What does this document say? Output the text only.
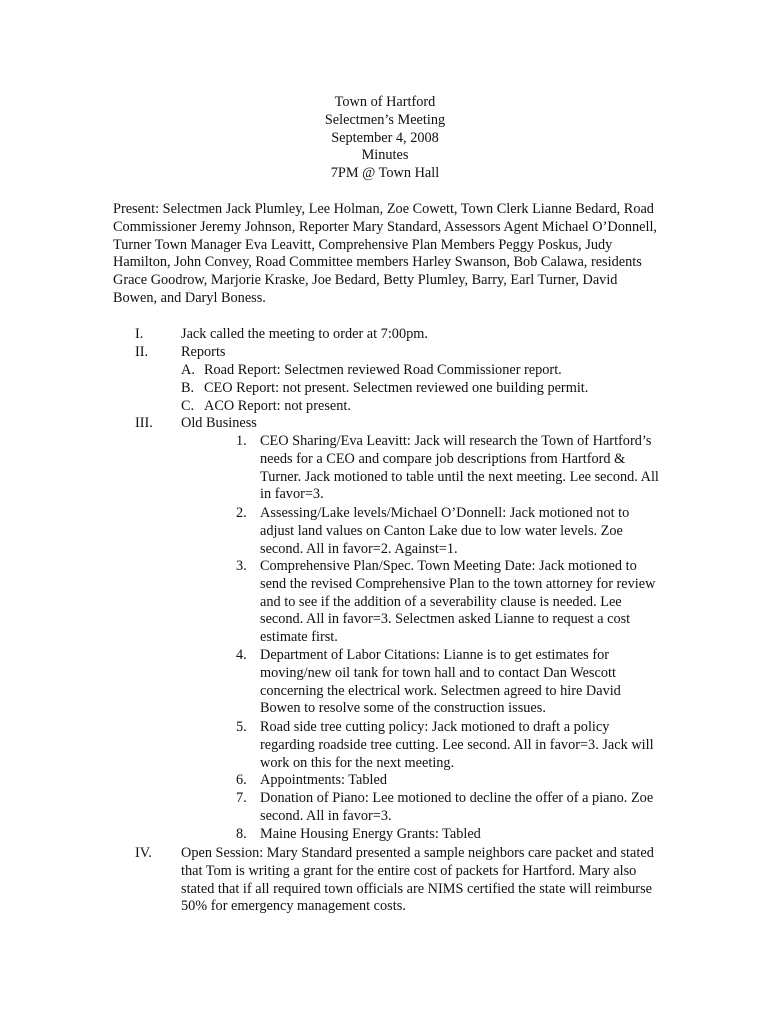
Town of Hartford
Selectmen’s Meeting
September 4, 2008
Minutes
7PM @ Town Hall
Present: Selectmen Jack Plumley, Lee Holman, Zoe Cowett, Town Clerk Lianne Bedard, Road Commissioner Jeremy Johnson, Reporter Mary Standard, Assessors Agent Michael O’Donnell, Turner Town Manager Eva Leavitt, Comprehensive Plan Members Peggy Poskus, Judy Hamilton, John Convey, Road Committee members Harley Swanson, Bob Calawa, residents Grace Goodrow, Marjorie Kraske, Joe Bedard, Betty Plumley, Barry, Earl Turner, David Bowen, and Daryl Boness.
I.	Jack called the meeting to order at 7:00pm.
II. Reports
A. Road Report: Selectmen reviewed Road Commissioner report.
B. CEO Report: not present. Selectmen reviewed one building permit.
C. ACO Report: not present.
III. Old Business
1. CEO Sharing/Eva Leavitt: Jack will research the Town of Hartford’s needs for a CEO and compare job descriptions from Hartford & Turner. Jack motioned to table until the next meeting. Lee second. All in favor=3.
2. Assessing/Lake levels/Michael O’Donnell: Jack motioned not to adjust land values on Canton Lake due to low water levels. Zoe second. All in favor=2. Against=1.
3. Comprehensive Plan/Spec. Town Meeting Date: Jack motioned to send the revised Comprehensive Plan to the town attorney for review and to see if the addition of a severability clause is needed. Lee second. All in favor=3. Selectmen asked Lianne to request a cost estimate first.
4. Department of Labor Citations: Lianne is to get estimates for moving/new oil tank for town hall and to contact Dan Wescott concerning the electrical work. Selectmen agreed to hire David Bowen to resolve some of the construction issues.
5. Road side tree cutting policy: Jack motioned to draft a policy regarding roadside tree cutting. Lee second. All in favor=3. Jack will work on this for the next meeting.
6. Appointments: Tabled
7. Donation of Piano: Lee motioned to decline the offer of a piano. Zoe second. All in favor=3.
8. Maine Housing Energy Grants: Tabled
IV. Open Session: Mary Standard presented a sample neighbors care packet and stated that Tom is writing a grant for the entire cost of packets for Hartford. Mary also stated that if all required town officials are NIMS certified the state will reimburse 50% for emergency management costs.
